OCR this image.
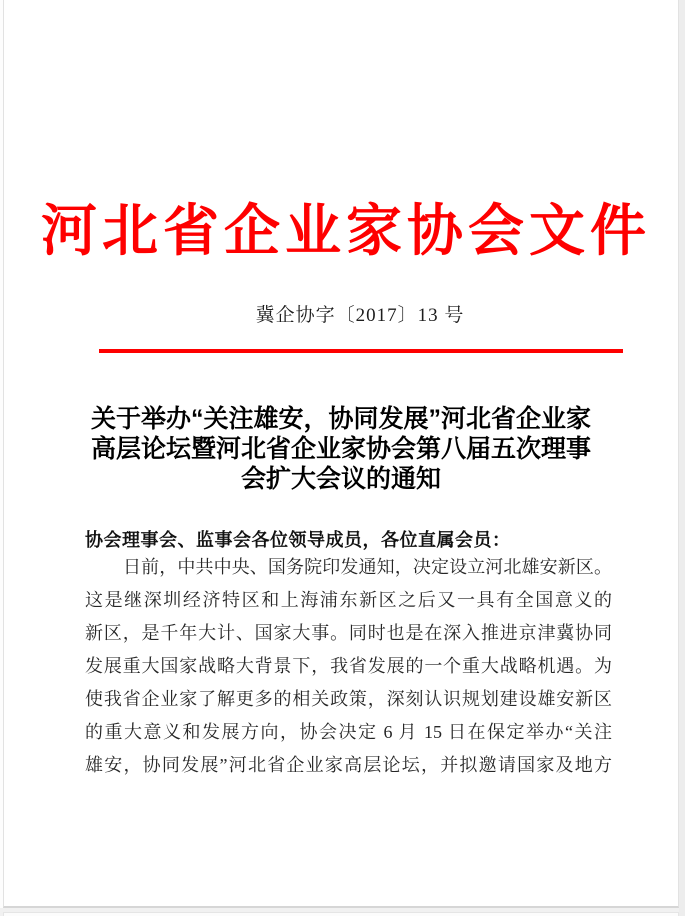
河北省企业家协会文件
冀企协字〔2017〕13 号
关于举办“关注雄安，协同发展”河北省企业家
高层论坛暨河北省企业家协会第八届五次理事
会扩大会议的通知
协会理事会、监事会各位领导成员，各位直属会员：
日前，中共中央、国务院印发通知，决定设立河北雄安新区。
这是继深圳经济特区和上海浦东新区之后又一具有全国意义的
新区，是千年大计、国家大事。同时也是在深入推进京津冀协同
发展重大国家战略大背景下，我省发展的一个重大战略机遇。为
使我省企业家了解更多的相关政策，深刻认识规划建设雄安新区
的重大意义和发展方向，协会决定 6 月 15 日在保定举办“关注
雄安，协同发展”河北省企业家高层论坛，并拟邀请国家及地方
